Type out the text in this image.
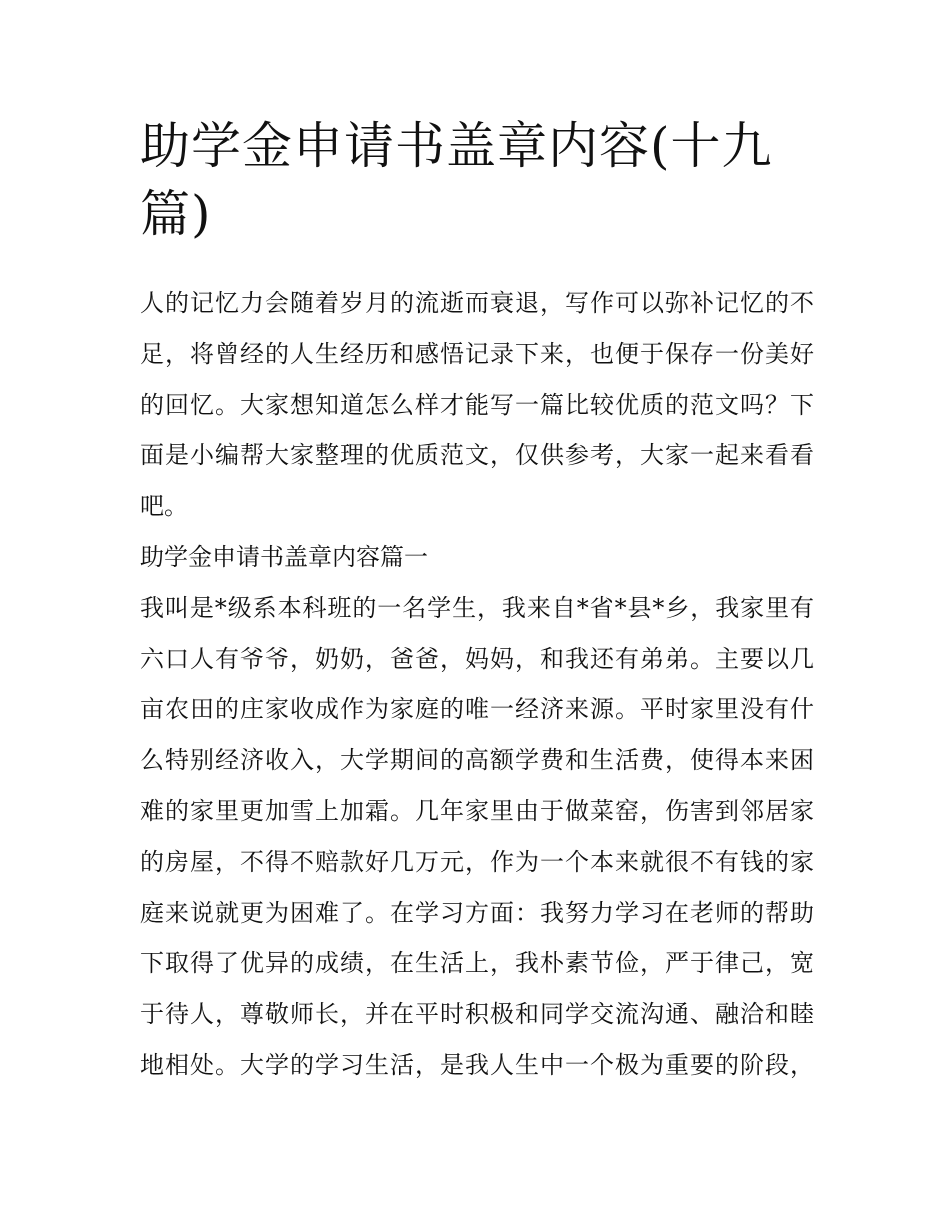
助学金申请书盖章内容(十九
篇)

人的记忆力会随着岁月的流逝而衰退，写作可以弥补记忆的不
足，将曾经的人生经历和感悟记录下来，也便于保存一份美好
的回忆。大家想知道怎么样才能写一篇比较优质的范文吗？下
面是小编帮大家整理的优质范文，仅供参考，大家一起来看看
吧。

助学金申请书盖章内容篇一

我叫是*级系本科班的一名学生，我来自*省*县*乡，我家里有
六口人有爷爷，奶奶，爸爸，妈妈，和我还有弟弟。主要以几
亩农田的庄家收成作为家庭的唯一经济来源。平时家里没有什
么特别经济收入，大学期间的高额学费和生活费，使得本来困
难的家里更加雪上加霜。几年家里由于做菜窑，伤害到邻居家
的房屋，不得不赔款好几万元，作为一个本来就很不有钱的家
庭来说就更为困难了。在学习方面：我努力学习在老师的帮助
下取得了优异的成绩，在生活上，我朴素节俭，严于律己，宽
于待人，尊敬师长，并在平时积极和同学交流沟通、融洽和睦
地相处。大学的学习生活，是我人生中一个极为重要的阶段，
